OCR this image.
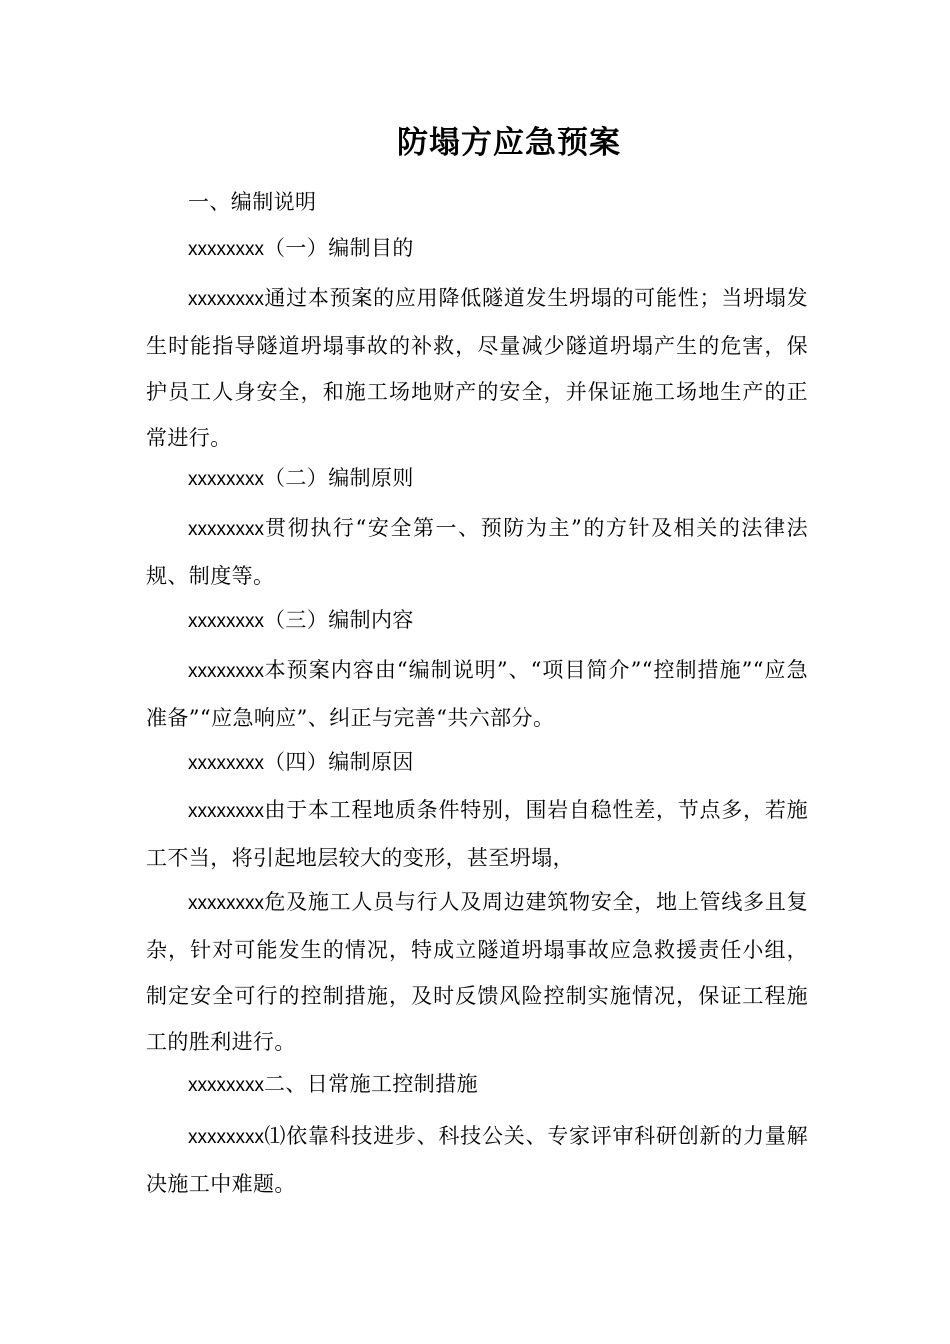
防塌方应急预案
一、编制说明
xxxxxxxx（一）编制目的
xxxxxxxx通过本预案的应用降低隧道发生坍塌的可能性；当坍塌发生时能指导隧道坍塌事故的补救，尽量减少隧道坍塌产生的危害，保护员工人身安全，和施工场地财产的安全，并保证施工场地生产的正常进行。
xxxxxxxx（二）编制原则
xxxxxxxx贯彻执行“安全第一、预防为主”的方针及相关的法律法规、制度等。
xxxxxxxx（三）编制内容
xxxxxxxx本预案内容由“编制说明”、“项目简介”“控制措施”“应急准备”“应急响应”、纠正与完善“共六部分。
xxxxxxxx（四）编制原因
xxxxxxxx由于本工程地质条件特别，围岩自稳性差，节点多，若施工不当，将引起地层较大的变形，甚至坍塌，
xxxxxxxx危及施工人员与行人及周边建筑物安全，地上管线多且复杂，针对可能发生的情况，特成立隧道坍塌事故应急救援责任小组，制定安全可行的控制措施，及时反馈风险控制实施情况，保证工程施工的胜利进行。
xxxxxxxx二、日常施工控制措施
xxxxxxxx⑴依靠科技进步、科技公关、专家评审科研创新的力量解决施工中难题。
